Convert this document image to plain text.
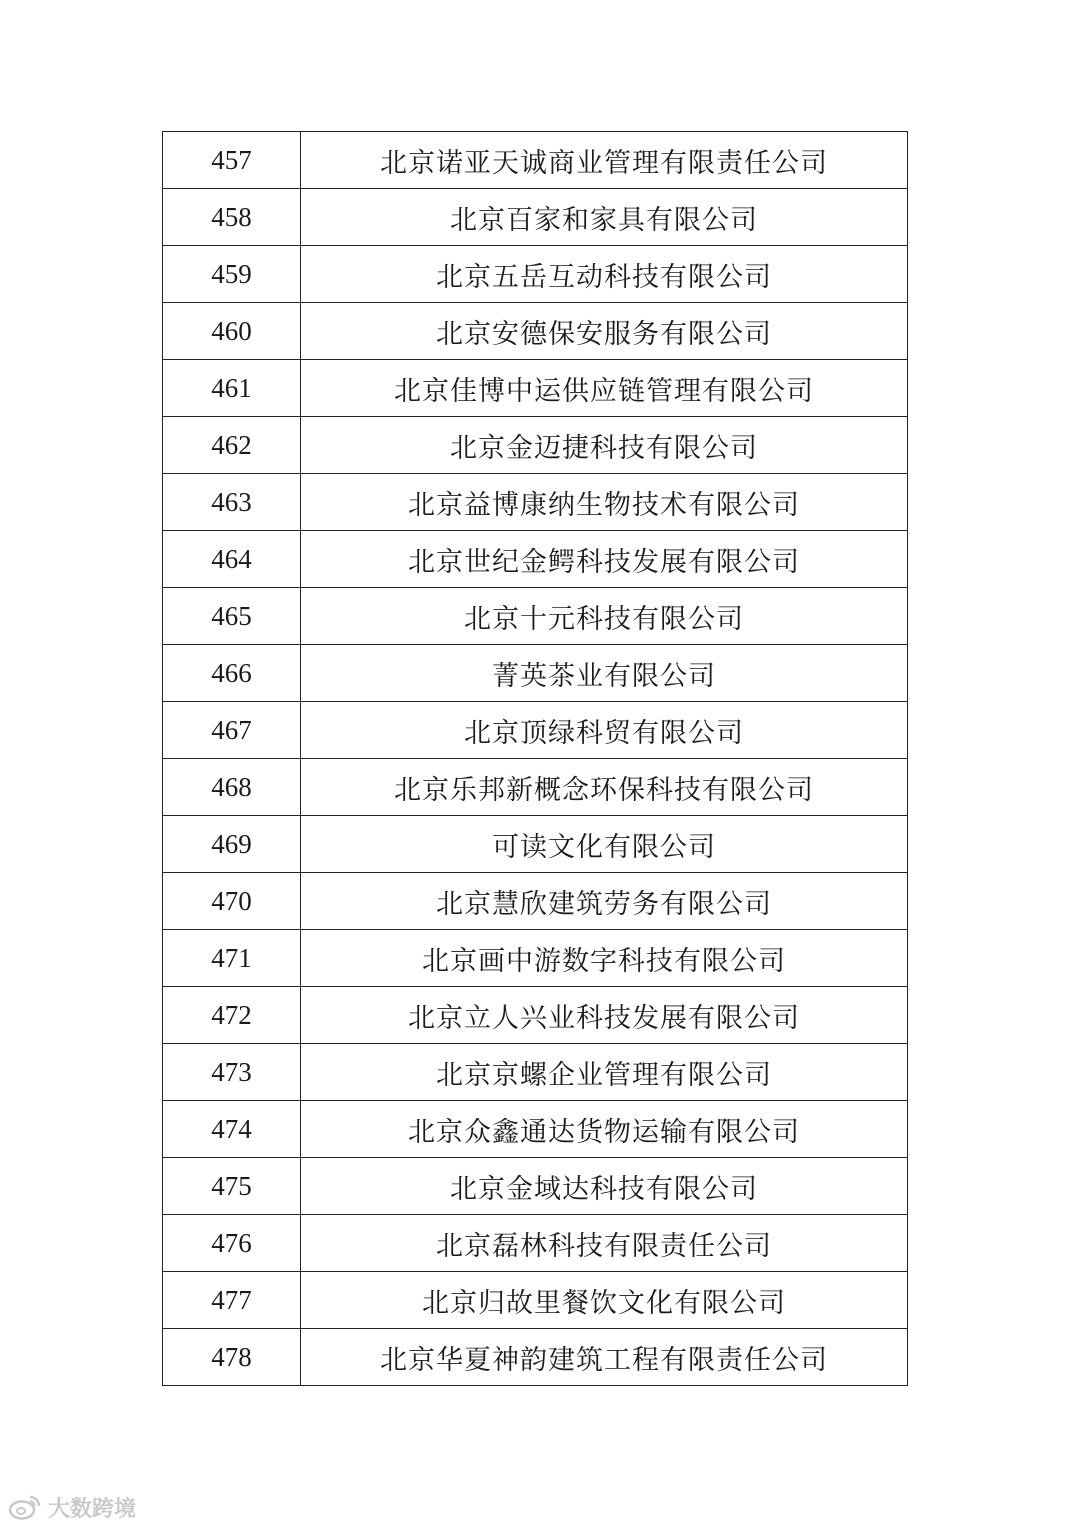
457	北京诺亚天诚商业管理有限责任公司
458	北京百家和家具有限公司
459	北京五岳互动科技有限公司
460	北京安德保安服务有限公司
461	北京佳博中运供应链管理有限公司
462	北京金迈捷科技有限公司
463	北京益博康纳生物技术有限公司
464	北京世纪金鳄科技发展有限公司
465	北京十元科技有限公司
466	菁英茶业有限公司
467	北京顶绿科贸有限公司
468	北京乐邦新概念环保科技有限公司
469	可读文化有限公司
470	北京慧欣建筑劳务有限公司
471	北京画中游数字科技有限公司
472	北京立人兴业科技发展有限公司
473	北京京螺企业管理有限公司
474	北京众鑫通达货物运输有限公司
475	北京金域达科技有限公司
476	北京磊林科技有限责任公司
477	北京归故里餐饮文化有限公司
478	北京华夏神韵建筑工程有限责任公司
大数跨境
